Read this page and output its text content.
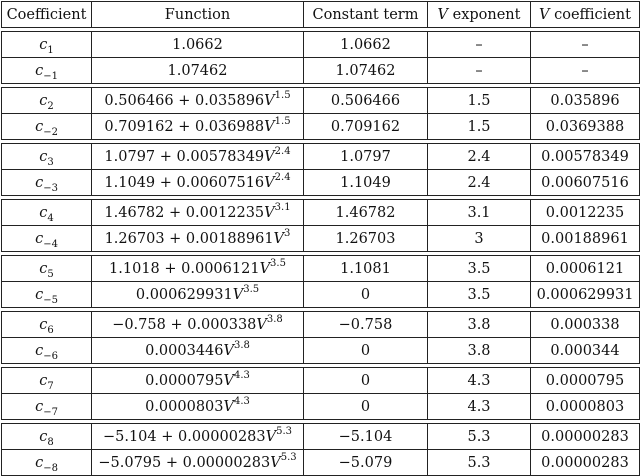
Coefficient	Function	Constant term	V exponent	V coefficient

$c_1$	1.0662	1.0662	–	–
$c_{-1}$	1.07462	1.07462	–	–

$c_2$	$0.506466 + 0.035896V^{1.5}$	0.506466	1.5	0.035896
$c_{-2}$	$0.709162 + 0.036988V^{1.5}$	0.709162	1.5	0.0369388

$c_3$	$1.0797 + 0.00578349V^{2.4}$	1.0797	2.4	0.00578349
$c_{-3}$	$1.1049 + 0.00607516V^{2.4}$	1.1049	2.4	0.00607516

$c_4$	$1.46782 + 0.0012235V^{3.1}$	1.46782	3.1	0.0012235
$c_{-4}$	$1.26703 + 0.00188961V^3$	1.26703	3	0.00188961

$c_5$	$1.1018 + 0.0006121V^{3.5}$	1.1081	3.5	0.0006121
$c_{-5}$	$0.000629931V^{3.5}$	0	3.5	0.000629931

$c_6$	$-0.758 + 0.000338V^{3.8}$	−0.758	3.8	0.000338
$c_{-6}$	$0.0003446V^{3.8}$	0	3.8	0.000344

$c_7$	$0.0000795V^{4.3}$	0	4.3	0.0000795
$c_{-7}$	$0.0000803V^{4.3}$	0	4.3	0.0000803

$c_8$	$-5.104 + 0.00000283V^{5.3}$	−5.104	5.3	0.00000283
$c_{-8}$	$-5.0795 + 0.00000283V^{5.3}$	−5.079	5.3	0.00000283
